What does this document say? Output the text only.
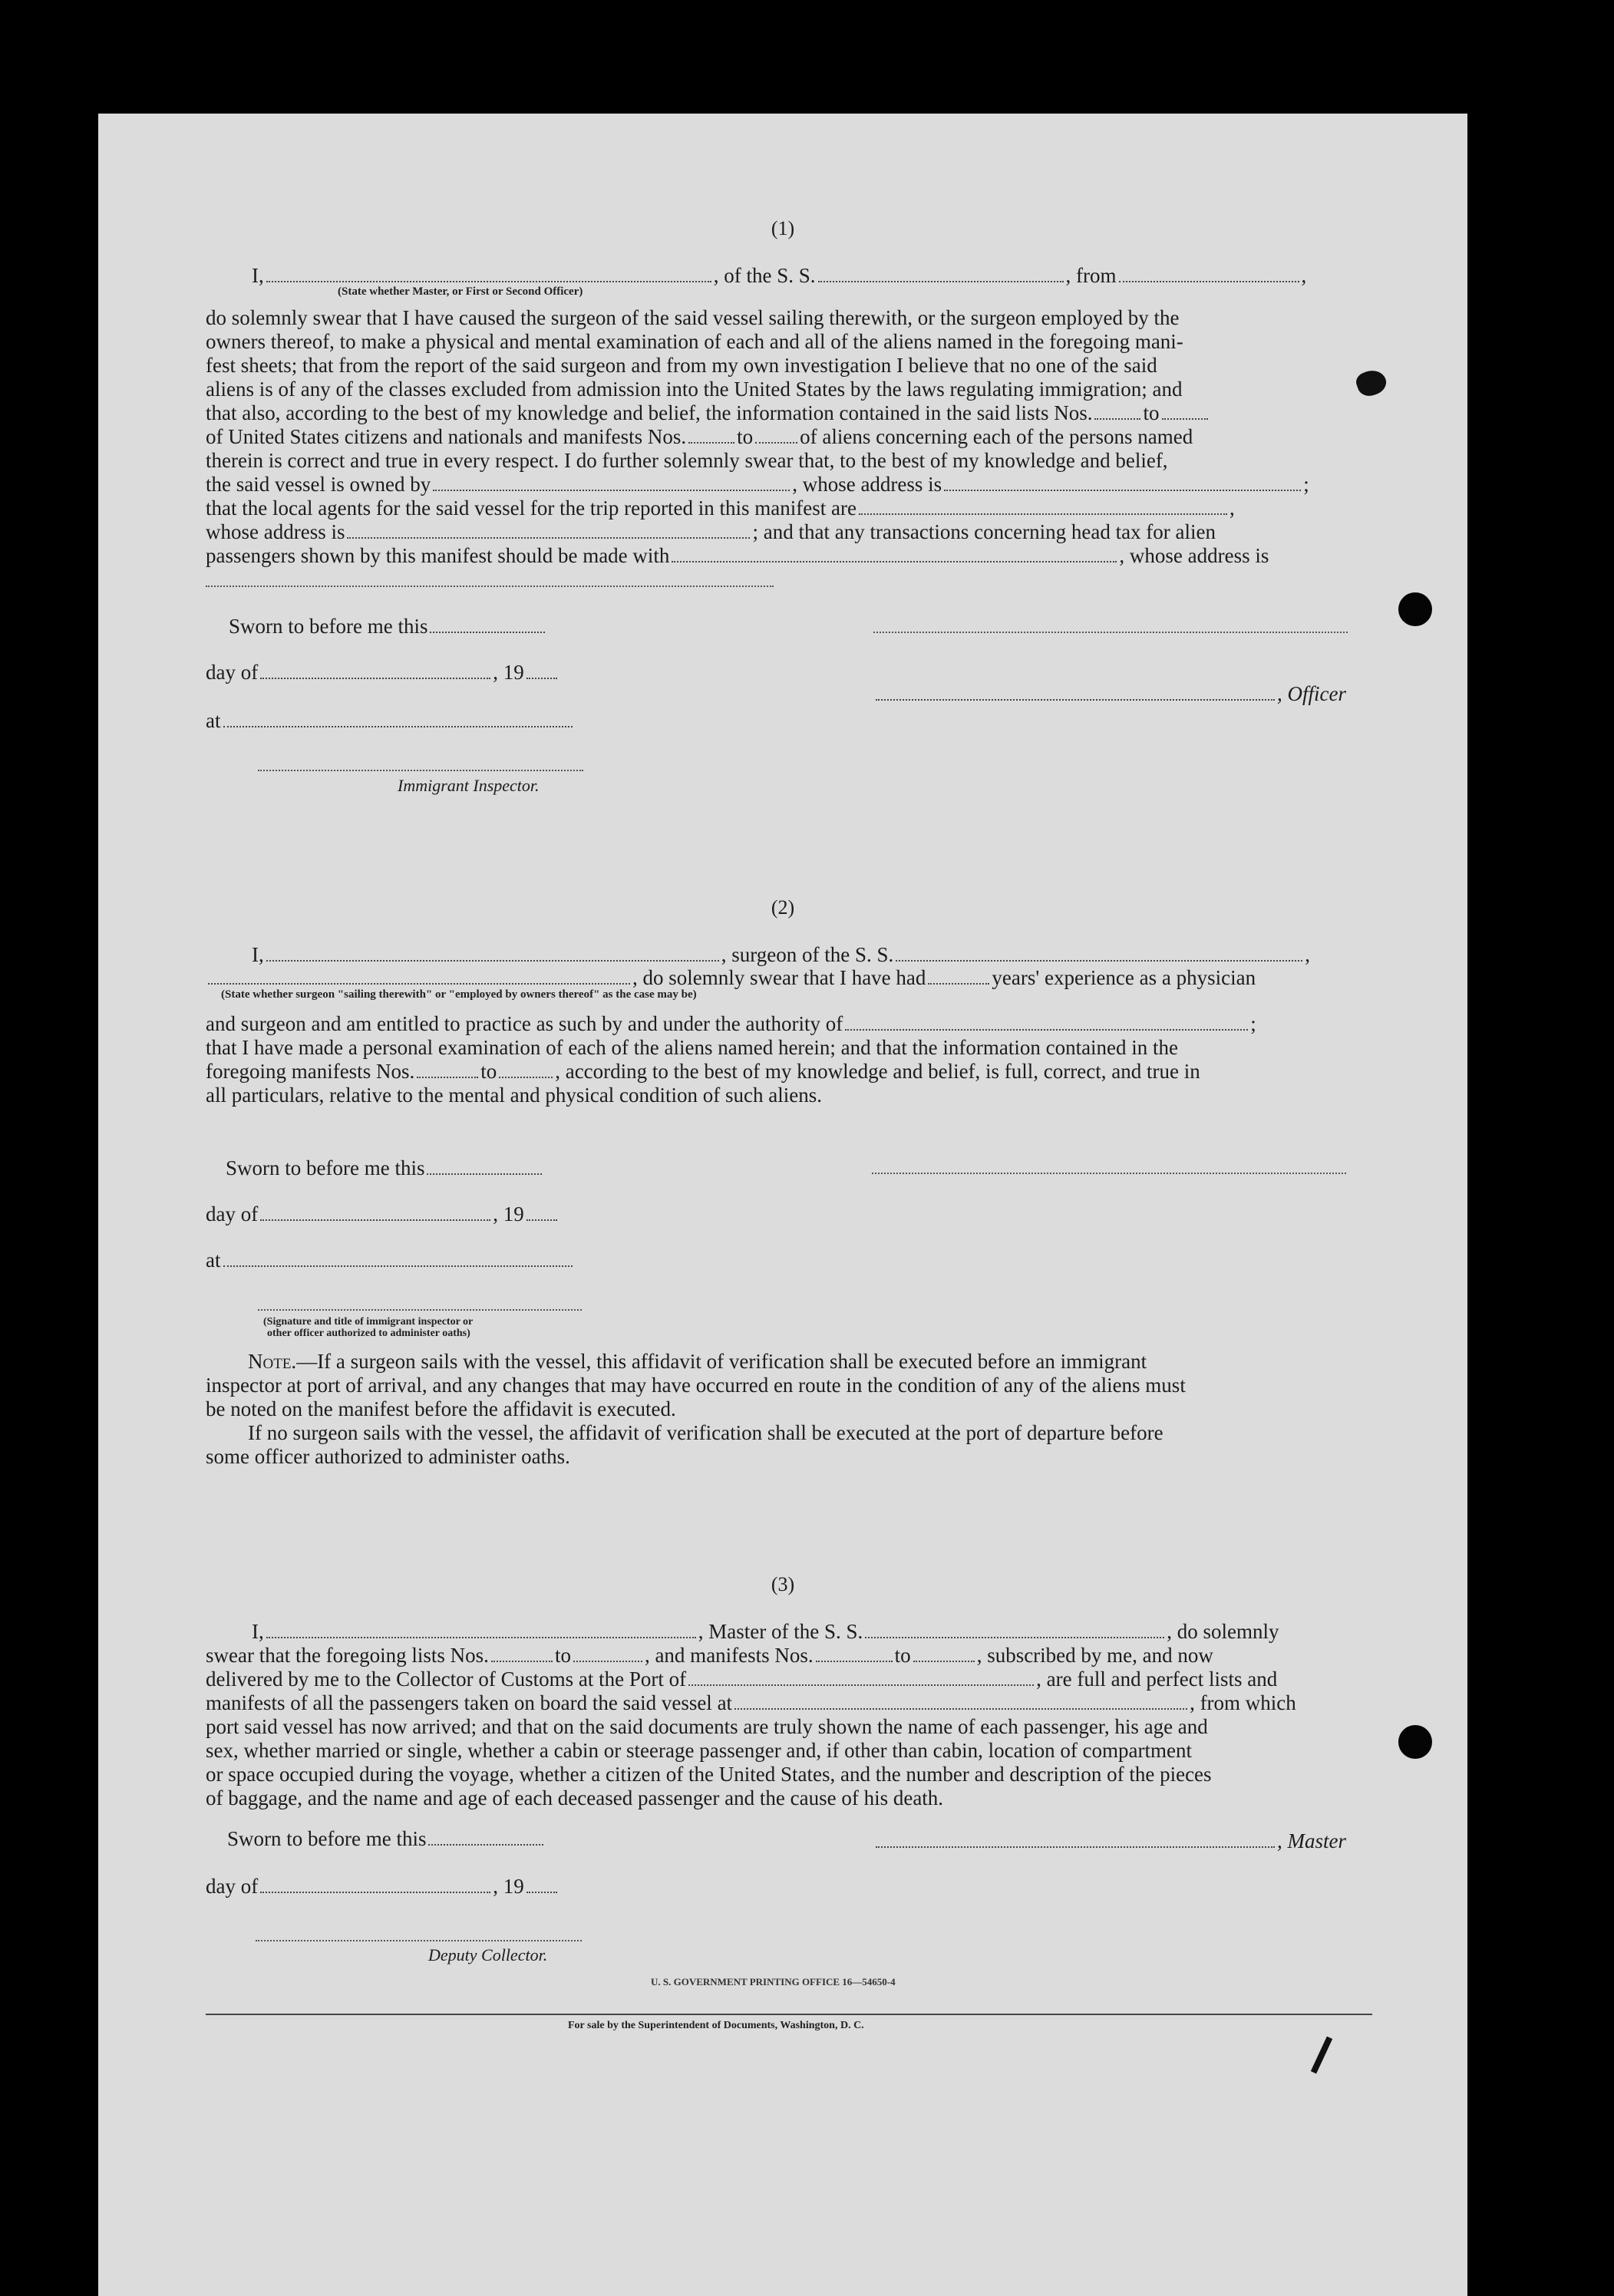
(1)
I,	, of the S. S.	, from	,
(State whether Master, or First or Second Officer)
do solemnly swear that I have caused the surgeon of the said vessel sailing therewith, or the surgeon employed by the
owners thereof, to make a physical and mental examination of each and all of the aliens named in the foregoing mani-
fest sheets; that from the report of the said surgeon and from my own investigation I believe that no one of the said
aliens is of any of the classes excluded from admission into the United States by the laws regulating immigration; and
that also, according to the best of my knowledge and belief, the information contained in the said lists Nos. to
of United States citizens and nationals and manifests Nos. to of aliens concerning each of the persons named
therein is correct and true in every respect. I do further solemnly swear that, to the best of my knowledge and belief,
the said vessel is owned by	, whose address is	;
that the local agents for the said vessel for the trip reported in this manifest are	,
whose address is	; and that any transactions concerning head tax for alien
passengers shown by this manifest should be made with	, whose address is
Sworn to before me this
day of	, 19
, Officer
at
Immigrant Inspector.
(2)
I,	, surgeon of the S. S.	,
, do solemnly swear that I have had	years' experience as a physician
(State whether surgeon "sailing therewith" or "employed by owners thereof" as the case may be)
and surgeon and am entitled to practice as such by and under the authority of	;
that I have made a personal examination of each of the aliens named herein; and that the information contained in the
foregoing manifests Nos.	to	, according to the best of my knowledge and belief, is full, correct, and true in
all particulars, relative to the mental and physical condition of such aliens.
Sworn to before me this
day of	, 19
at
(Signature and title of immigrant inspector or
other officer authorized to administer oaths)
Note.—If a surgeon sails with the vessel, this affidavit of verification shall be executed before an immigrant
inspector at port of arrival, and any changes that may have occurred en route in the condition of any of the aliens must
be noted on the manifest before the affidavit is executed.
If no surgeon sails with the vessel, the affidavit of verification shall be executed at the port of departure before
some officer authorized to administer oaths.
(3)
I,	, Master of the S. S.	, do solemnly
swear that the foregoing lists Nos.	to	, and manifests Nos.	to	, subscribed by me, and now
delivered by me to the Collector of Customs at the Port of	, are full and perfect lists and
manifests of all the passengers taken on board the said vessel at	, from which
port said vessel has now arrived; and that on the said documents are truly shown the name of each passenger, his age and
sex, whether married or single, whether a cabin or steerage passenger and, if other than cabin, location of compartment
or space occupied during the voyage, whether a citizen of the United States, and the number and description of the pieces
of baggage, and the name and age of each deceased passenger and the cause of his death.
Sworn to before me this	, Master
day of	, 19
Deputy Collector.
U. S. GOVERNMENT PRINTING OFFICE 16—54650-4
For sale by the Superintendent of Documents, Washington, D. C.
